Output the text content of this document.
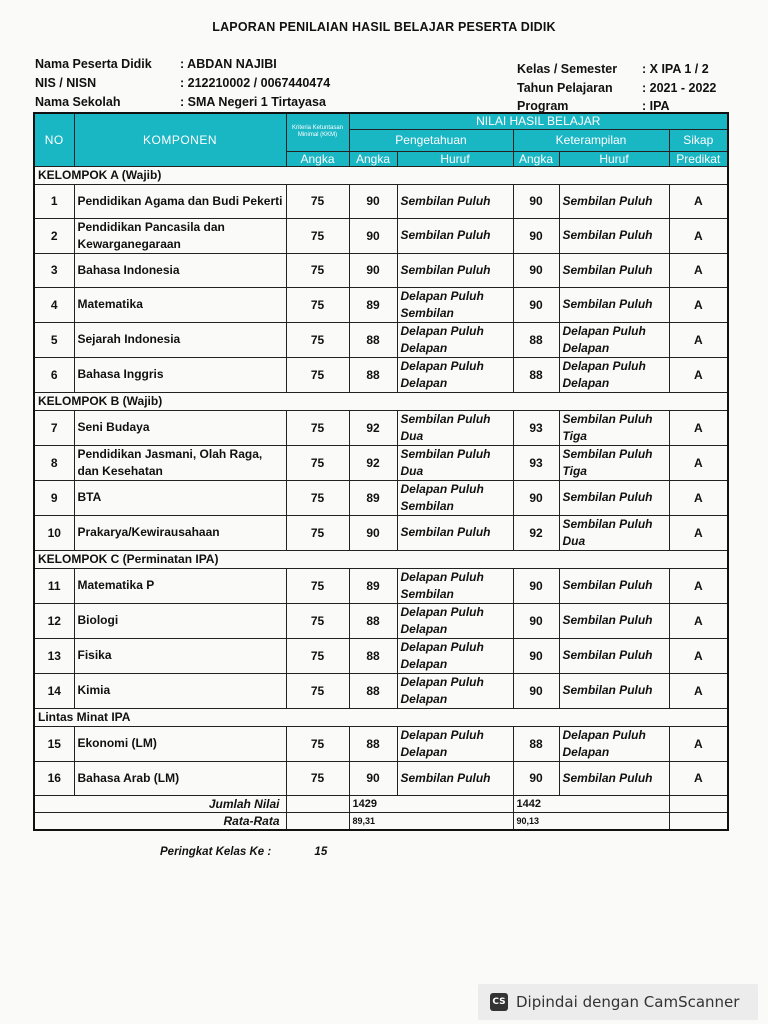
LAPORAN PENILAIAN HASIL BELAJAR PESERTA DIDIK
Nama Peserta Didik : ABDAN NAJIBI
NIS / NISN	: 212210002 / 0067440474
Nama Sekolah	: SMA Negeri 1 Tirtayasa
Kelas / Semester : X IPA 1 / 2
Tahun Pelajaran : 2021 - 2022
Program	: IPA
NO	KOMPONEN	Kriteria Ketuntasan Minimal (KKM)	NILAI HASIL BELAJAR				
			Pengetahuan		Keterampilan		Sikap
		Angka	Angka	Huruf	Angka	Huruf	Predikat
KELOMPOK A (Wajib)							
1	Pendidikan Agama dan Budi Pekerti	75	90	Sembilan Puluh	90	Sembilan Puluh	A
2	Pendidikan Pancasila dan Kewarganegaraan	75	90	Sembilan Puluh	90	Sembilan Puluh	A
3	Bahasa Indonesia	75	90	Sembilan Puluh	90	Sembilan Puluh	A
4	Matematika	75	89	Delapan Puluh Sembilan	90	Sembilan Puluh	A
5	Sejarah Indonesia	75	88	Delapan Puluh Delapan	88	Delapan Puluh Delapan	A
6	Bahasa Inggris	75	88	Delapan Puluh Delapan	88	Delapan Puluh Delapan	A
KELOMPOK B (Wajib)							
7	Seni Budaya	75	92	Sembilan Puluh Dua	93	Sembilan Puluh Tiga	A
8	Pendidikan Jasmani, Olah Raga, dan Kesehatan	75	92	Sembilan Puluh Dua	93	Sembilan Puluh Tiga	A
9	BTA	75	89	Delapan Puluh Sembilan	90	Sembilan Puluh	A
10	Prakarya/Kewirausahaan	75	90	Sembilan Puluh	92	Sembilan Puluh Dua	A
KELOMPOK C (Perminatan IPA)							
11	Matematika P	75	89	Delapan Puluh Sembilan	90	Sembilan Puluh	A
12	Biologi	75	88	Delapan Puluh Delapan	90	Sembilan Puluh	A
13	Fisika	75	88	Delapan Puluh Delapan	90	Sembilan Puluh	A
14	Kimia	75	88	Delapan Puluh Delapan	90	Sembilan Puluh	A
Lintas Minat IPA							
15	Ekonomi (LM)	75	88	Delapan Puluh Delapan	88	Delapan Puluh Delapan	A
16	Bahasa Arab (LM)	75	90	Sembilan Puluh	90	Sembilan Puluh	A
Jumlah Nilai			1429		1442		
Rata-Rata			89,31		90,13		
Peringkat Kelas Ke :	15
CS Dipindai dengan CamScanner
